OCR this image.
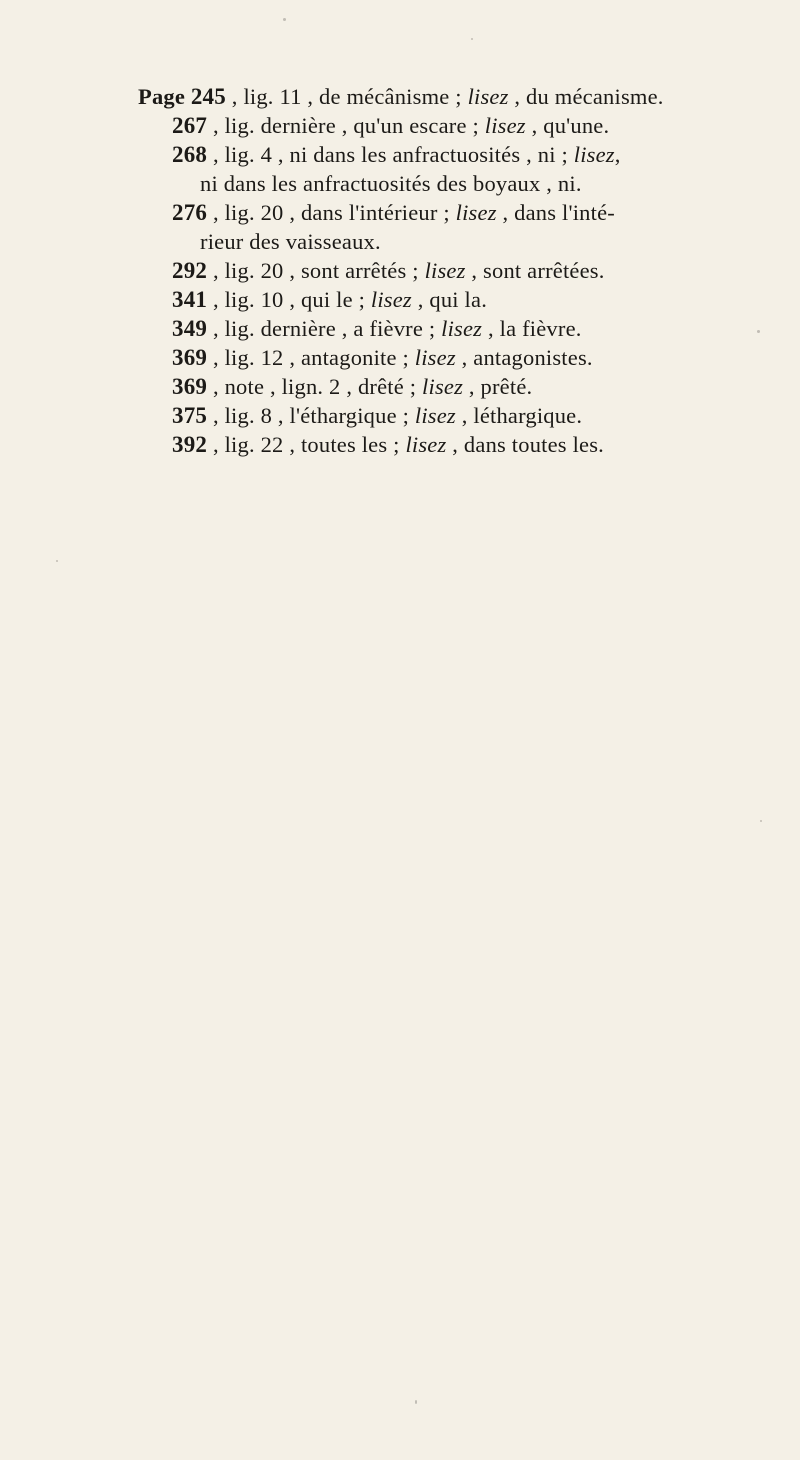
Page 245 , lig. 11 , de mécânisme ; lisez , du mécanisme.
267 , lig. dernière , qu'un escare ; lisez , qu'une.
268 , lig. 4 , ni dans les anfractuosités , ni ; lisez,
ni dans les anfractuosités des boyaux , ni.
276 , lig. 20 , dans l'intérieur ; lisez , dans l'inté-
rieur des vaisseaux.
292 , lig. 20 , sont arrêtés ; lisez , sont arrêtées.
341 , lig. 10 , qui le ; lisez , qui la.
349 , lig. dernière , a fièvre ; lisez , la fièvre.
369 , lig. 12 , antagonite ; lisez , antagonistes.
369 , note , lign. 2 , drêté ; lisez , prêté.
375 , lig. 8 , l'éthargique ; lisez , léthargique.
392 , lig. 22 , toutes les ; lisez , dans toutes les.
